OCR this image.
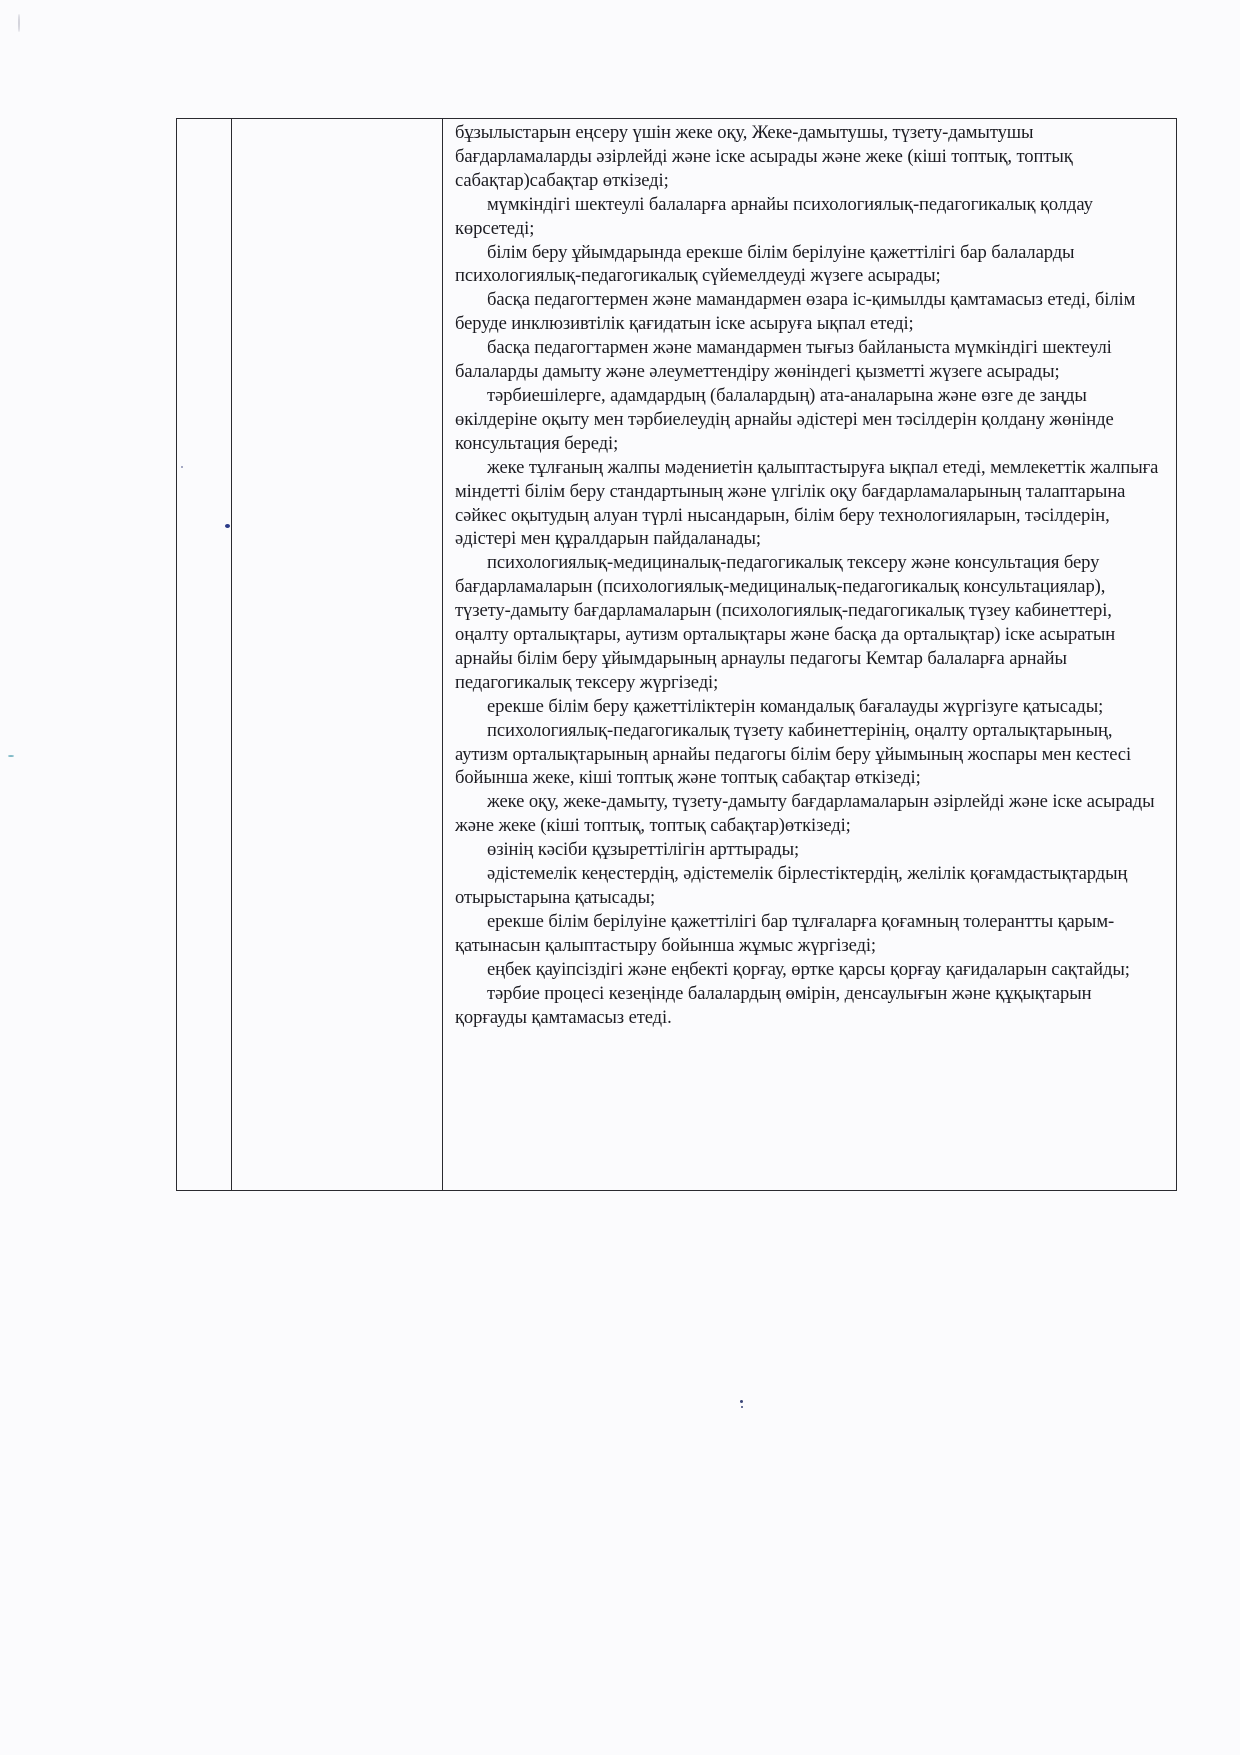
бұзылыстарын еңсеру үшін жеке оқу, Жеке-дамытушы, түзету-дамытушы бағдарламаларды әзірлейді және іске асырады және жеке (кіші топтық, топтық сабақтар)сабақтар өткізеді;
мүмкіндігі шектеулі балаларға арнайы психологиялық-педагогикалық қолдау көрсетеді;
білім беру ұйымдарында ерекше білім берілуіне қажеттілігі бар балаларды психологиялық-педагогикалық сүйемелдеуді жүзеге асырады;
басқа педагогтермен және мамандармен өзара іс-қимылды қамтамасыз етеді, білім беруде инклюзивтілік қағидатын іске асыруға ықпал етеді;
басқа педагогтармен және мамандармен тығыз байланыста мүмкіндігі шектеулі балаларды дамыту және әлеуметтендіру жөніндегі қызметті жүзеге асырады;
тәрбиешілерге, адамдардың (балалардың) ата-аналарына және өзге де заңды өкілдеріне оқыту мен тәрбиелеудің арнайы әдістері мен тәсілдерін қолдану жөнінде консультация береді;
жеке тұлғаның жалпы мәдениетін қалыптастыруға ықпал етеді, мемлекеттік жалпыға міндетті білім беру стандартының және үлгілік оқу бағдарламаларының талаптарына сәйкес оқытудың алуан түрлі нысандарын, білім беру технологияларын, тәсілдерін, әдістері мен құралдарын пайдаланады;
психологиялық-медициналық-педагогикалық тексеру және консультация беру бағдарламаларын (психологиялық-медициналық-педагогикалық консультациялар), түзету-дамыту бағдарламаларын (психологиялық-педагогикалық түзеу кабинеттері, оңалту орталықтары, аутизм орталықтары және басқа да орталықтар) іске асыратын арнайы білім беру ұйымдарының арнаулы педагогы Кемтар балаларға арнайы педагогикалық тексеру жүргізеді;
ерекше білім беру қажеттіліктерін командалық бағалауды жүргізуге қатысады;
психологиялық-педагогикалық түзету кабинеттерінің, оңалту орталықтарының, аутизм орталықтарының арнайы педагогы білім беру ұйымының жоспары мен кестесі бойынша жеке, кіші топтық және топтық сабақтар өткізеді;
жеке оқу, жеке-дамыту, түзету-дамыту бағдарламаларын әзірлейді және іске асырады және жеке (кіші топтық, топтық сабақтар)өткізеді;
өзінің кәсіби құзыреттілігін арттырады;
әдістемелік кеңестердің, әдістемелік бірлестіктердің, желілік қоғамдастықтардың отырыстарына қатысады;
ерекше білім берілуіне қажеттілігі бар тұлғаларға қоғамның толерантты қарым-қатынасын қалыптастыру бойынша жұмыс жүргізеді;
еңбек қауіпсіздігі және еңбекті қорғау, өртке қарсы қорғау қағидаларын сақтайды;
тәрбие процесі кезеңінде балалардың өмірін, денсаулығын және құқықтарын қорғауды қамтамасыз етеді.
